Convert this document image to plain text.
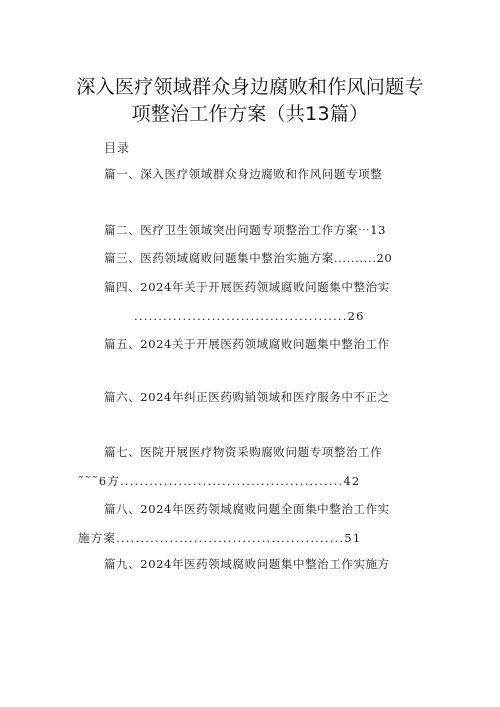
深入医疗领域群众身边腐败和作风问题专
项整治工作方案（共13篇）
目录
篇一、深入医疗领域群众身边腐败和作风问题专项整
篇二、医疗卫生领域突出问题专项整治工作方案⋯13
篇三、医药领域腐败问题集中整治实施方案..........20
篇四、2024年关于开展医药领域腐败问题集中整治实
............................................26
篇五、2024关于开展医药领域腐败问题集中整治工作
篇六、2024年纠正医药购销领域和医疗服务中不正之
篇七、医院开展医疗物资采购腐败问题专项整治工作
˜˜˜6方..............................................42
篇八、2024年医药领域腐败问题全面集中整治工作实
施方案...............................................51
篇九、2024年医药领域腐败问题集中整治工作实施方
